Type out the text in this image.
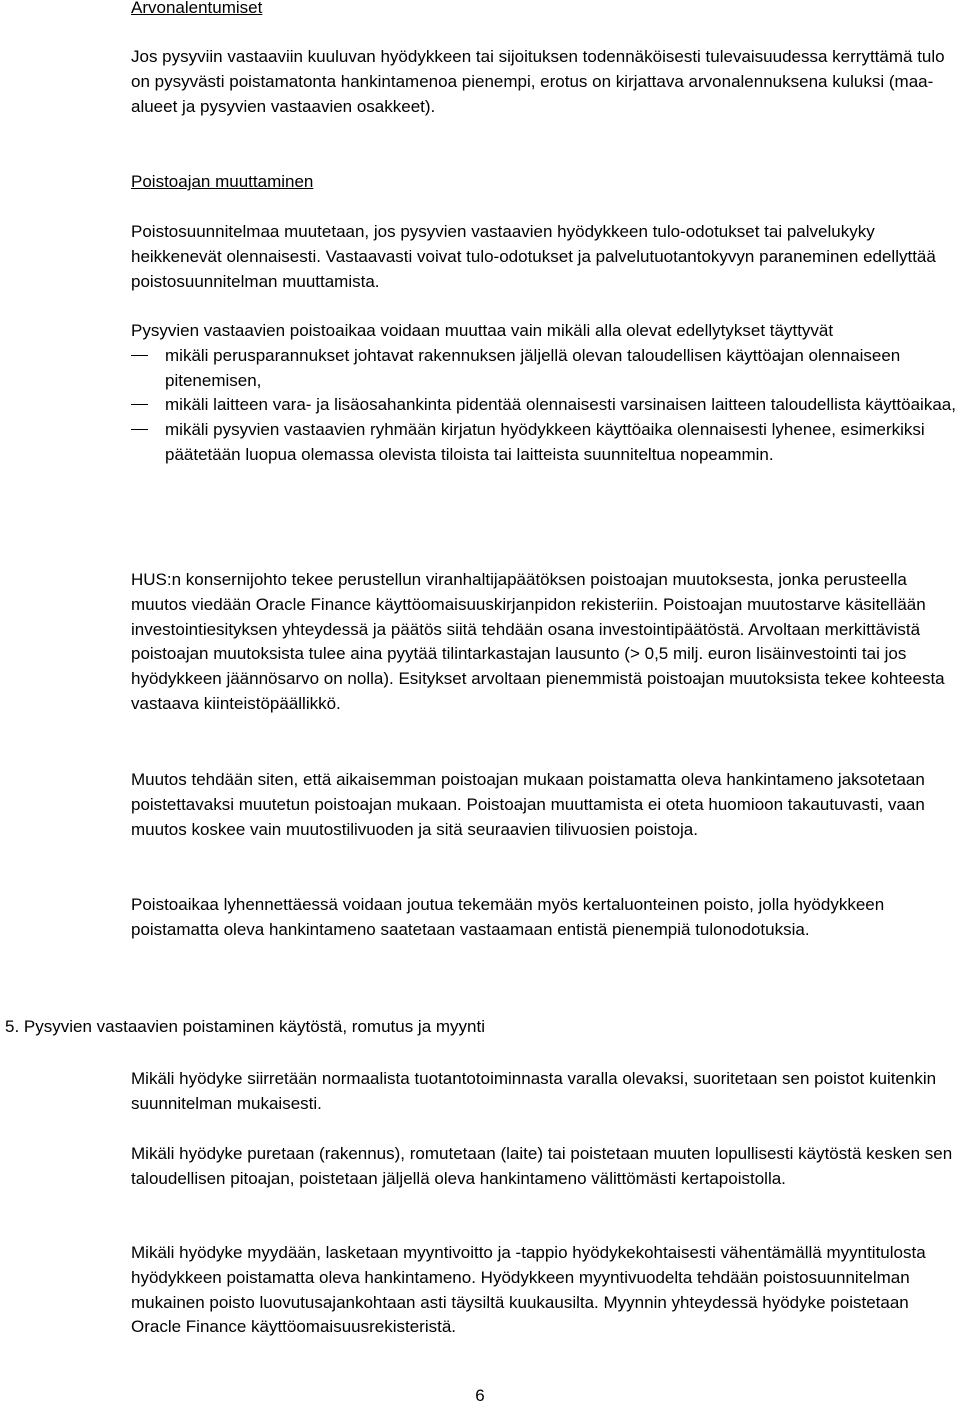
Arvonalentumiset

Jos pysyviin vastaaviin kuuluvan hyödykkeen tai sijoituksen todennäköisesti tulevaisuudessa kerryttämä tulo on pysyvästi poistamatonta hankintamenoa pienempi, erotus on kirjattava arvonalennuksena kuluksi (maa-alueet ja pysyvien vastaavien osakkeet).

Poistoajan muuttaminen

Poistosuunnitelmaa muutetaan, jos pysyvien vastaavien hyödykkeen tulo-odotukset tai palvelukyky heikkenevät olennaisesti. Vastaavasti voivat tulo-odotukset ja palvelutuotantokyvyn paraneminen edellyttää poistosuunnitelman muuttamista.

Pysyvien vastaavien poistoaikaa voidaan muuttaa vain mikäli alla olevat edellytykset täyttyvät

mikäli perusparannukset johtavat rakennuksen jäljellä olevan taloudellisen käyttöajan olennaiseen pitenemisen,
mikäli laitteen vara- ja lisäosahankinta pidentää olennaisesti varsinaisen laitteen taloudellista käyttöaikaa,
mikäli pysyvien vastaavien ryhmään kirjatun hyödykkeen käyttöaika olennaisesti lyhenee, esimerkiksi päätetään luopua olemassa olevista tiloista tai laitteista suunniteltua nopeammin.

HUS:n konsernijohto tekee perustellun viranhaltijapäätöksen poistoajan muutoksesta, jonka perusteella muutos viedään Oracle Finance käyttöomaisuuskirjanpidon rekisteriin. Poistoajan muutostarve käsitellään investointiesityksen yhteydessä ja päätös siitä tehdään osana investointipäätöstä. Arvoltaan merkittävistä poistoajan muutoksista tulee aina pyytää tilintarkastajan lausunto (> 0,5 milj. euron lisäinvestointi tai jos hyödykkeen jäännösarvo on nolla). Esitykset arvoltaan pienemmistä poistoajan muutoksista tekee kohteesta vastaava kiinteistöpäällikkö.

Muutos tehdään siten, että aikaisemman poistoajan mukaan poistamatta oleva hankintameno jaksotetaan poistettavaksi muutetun poistoajan mukaan. Poistoajan muuttamista ei oteta huomioon takautuvasti, vaan muutos koskee vain muutostilivuoden ja sitä seuraavien tilivuosien poistoja.

Poistoaikaa lyhennettäessä voidaan joutua tekemään myös kertaluonteinen poisto, jolla hyödykkeen poistamatta oleva hankintameno saatetaan vastaamaan entistä pienempiä tulonodotuksia.

5. Pysyvien vastaavien poistaminen käytöstä, romutus ja myynti

Mikäli hyödyke siirretään normaalista tuotantotoiminnasta varalla olevaksi, suoritetaan sen poistot kuitenkin suunnitelman mukaisesti.

Mikäli hyödyke puretaan (rakennus), romutetaan (laite) tai poistetaan muuten lopullisesti käytöstä kesken sen taloudellisen pitoajan, poistetaan jäljellä oleva hankintameno välittömästi kertapoistolla.

Mikäli hyödyke myydään, lasketaan myyntivoitto ja -tappio hyödykekohtaisesti vähentämällä myyntitulosta hyödykkeen poistamatta oleva hankintameno. Hyödykkeen myyntivuodelta tehdään poistosuunnitelman mukainen poisto luovutusajankohtaan asti täysiltä kuukausilta. Myynnin yhteydessä hyödyke poistetaan Oracle Finance käyttöomaisuusrekisteristä.

6
